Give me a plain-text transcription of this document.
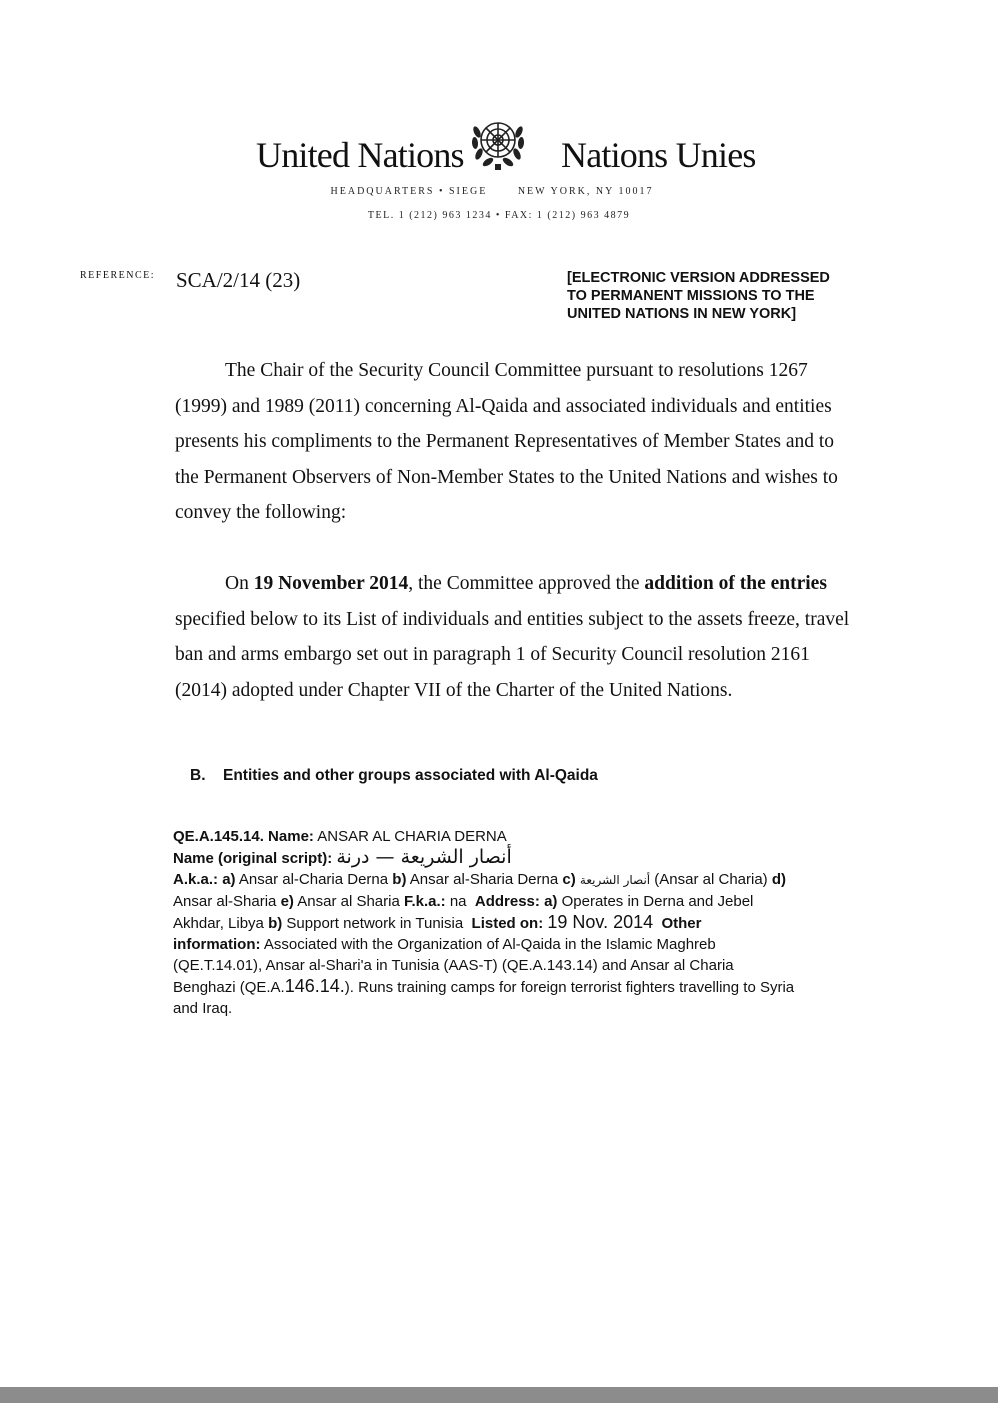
United Nations	Nations Unies
HEADQUARTERS • SIEGE	NEW YORK, NY 10017
TEL. 1 (212) 963 1234 • FAX: 1 (212) 963 4879
REFERENCE: SCA/2/14 (23)	[ELECTRONIC VERSION ADDRESSED
TO PERMANENT MISSIONS TO THE
UNITED NATIONS IN NEW YORK]
The Chair of the Security Council Committee pursuant to resolutions 1267
(1999) and 1989 (2011) concerning Al-Qaida and associated individuals and entities
presents his compliments to the Permanent Representatives of Member States and to
the Permanent Observers of Non-Member States to the United Nations and wishes to
convey the following:
On 19 November 2014, the Committee approved the addition of the entries
specified below to its List of individuals and entities subject to the assets freeze, travel
ban and arms embargo set out in paragraph 1 of Security Council resolution 2161
(2014) adopted under Chapter VII of the Charter of the United Nations.
B. Entities and other groups associated with Al-Qaida
QE.A.145.14. Name: ANSAR AL CHARIA DERNA
Name (original script): أنصار الشريعة — درنة
A.k.a.: a) Ansar al-Charia Derna b) Ansar al-Sharia Derna c) أنصار الشريعة (Ansar al Charia) d)
Ansar al-Sharia e) Ansar al Sharia F.k.a.: na Address: a) Operates in Derna and Jebel
Akhdar, Libya b) Support network in Tunisia Listed on: 19 Nov. 2014 Other
information: Associated with the Organization of Al-Qaida in the Islamic Maghreb
(QE.T.14.01), Ansar al-Shari'a in Tunisia (AAS-T) (QE.A.143.14) and Ansar al Charia
Benghazi (QE.A.146.14.). Runs training camps for foreign terrorist fighters travelling to Syria
and Iraq.
